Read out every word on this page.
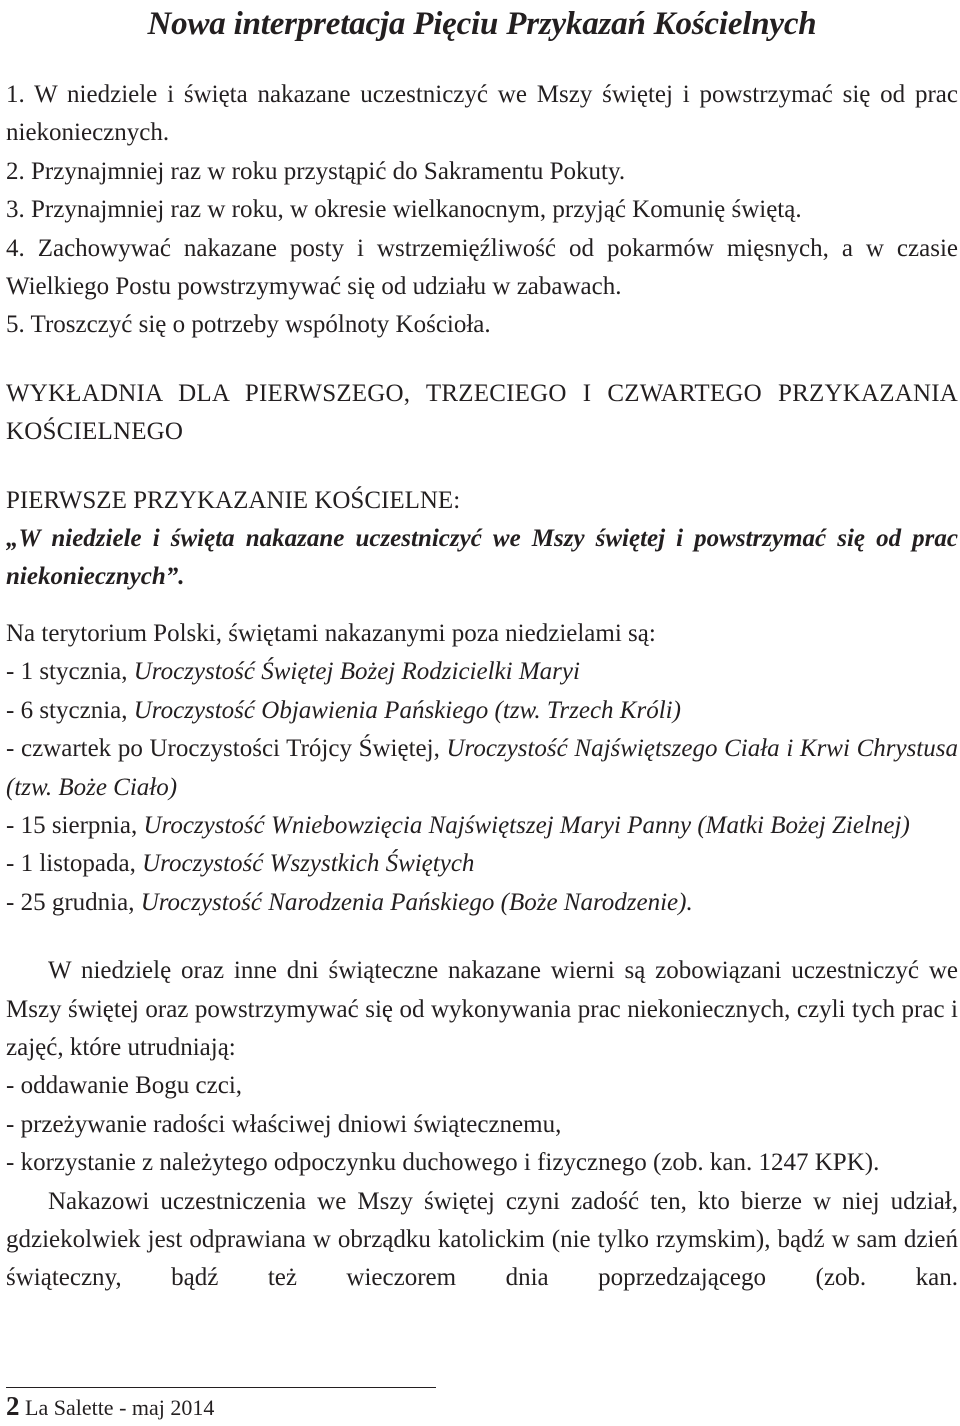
Nowa interpretacja Pięciu Przykazań Kościelnych

1. W niedziele i święta nakazane uczestniczyć we Mszy świętej i powstrzymać się od prac niekoniecznych.

2. Przynajmniej raz w roku przystąpić do Sakramentu Pokuty.

3. Przynajmniej raz w roku, w okresie wielkanocnym, przyjąć Komunię świętą.

4. Zachowywać nakazane posty i wstrzemięźliwość od pokarmów mięsnych, a w czasie Wielkiego Postu powstrzymywać się od udziału w zabawach.

5. Troszczyć się o potrzeby wspólnoty Kościoła.

WYKŁADNIA DLA PIERWSZEGO, TRZECIEGO I CZWARTEGO PRZYKAZANIA KOŚCIELNEGO

PIERWSZE PRZYKAZANIE KOŚCIELNE:

„W niedziele i święta nakazane uczestniczyć we Mszy świętej i powstrzymać się od prac niekoniecznych”.

Na terytorium Polski, świętami nakazanymi poza niedzielami są:

- 1 stycznia, Uroczystość Świętej Bożej Rodzicielki Maryi

- 6 stycznia, Uroczystość Objawienia Pańskiego (tzw. Trzech Króli)

- czwartek po Uroczystości Trójcy Świętej, Uroczystość Najświętszego Ciała i Krwi Chrystusa (tzw. Boże Ciało)

- 15 sierpnia, Uroczystość Wniebowzięcia Najświętszej Maryi Panny (Matki Bożej Zielnej)

- 1 listopada, Uroczystość Wszystkich Świętych

- 25 grudnia, Uroczystość Narodzenia Pańskiego (Boże Narodzenie).

W niedzielę oraz inne dni świąteczne nakazane wierni są zobowiązani uczestniczyć we Mszy świętej oraz powstrzymywać się od wykonywania prac niekoniecznych, czyli tych prac i zajęć, które utrudniają:

- oddawanie Bogu czci,

- przeżywanie radości właściwej dniowi świątecznemu,

- korzystanie z należytego odpoczynku duchowego i fizycznego (zob. kan. 1247 KPK).

Nakazowi uczestniczenia we Mszy świętej czyni zadość ten, kto bierze w niej udział, gdziekolwiek jest odprawiana w obrządku katolickim (nie tylko rzymskim), bądź w sam dzień świąteczny, bądź też wieczorem dnia poprzedzającego (zob. kan.

2 La Salette - maj 2014
